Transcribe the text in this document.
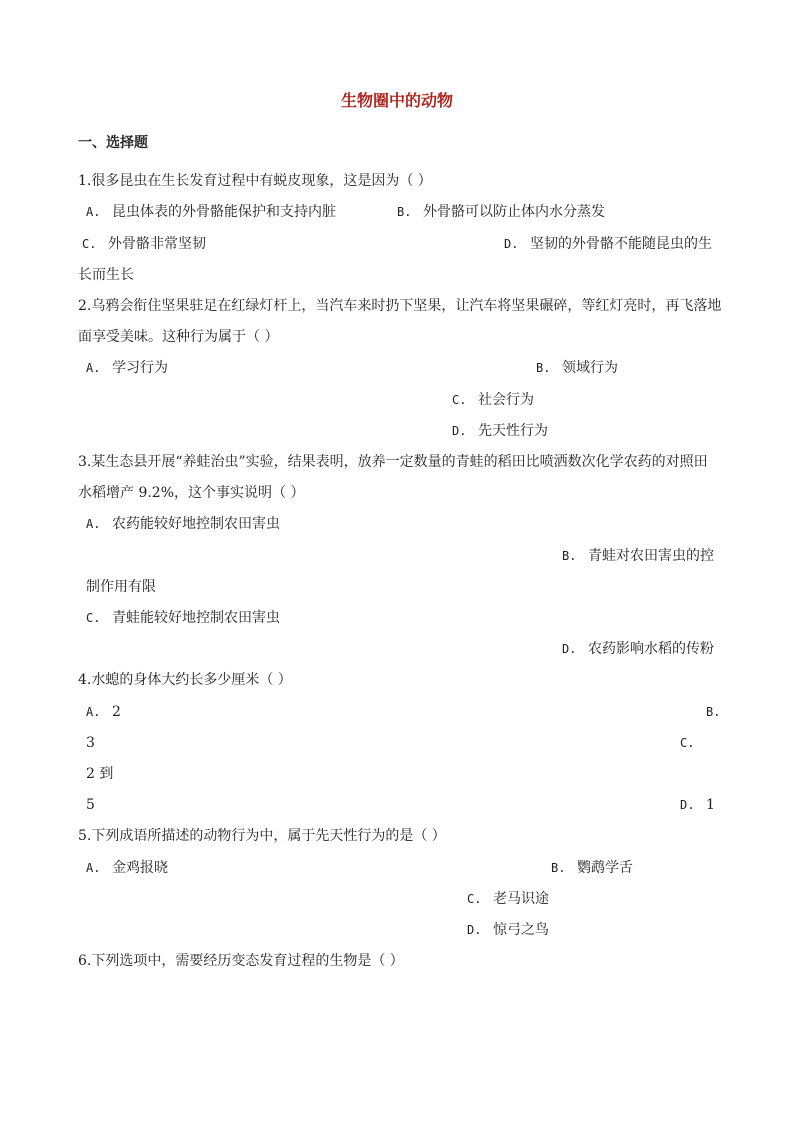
生物圈中的动物
一、选择题
1.很多昆虫在生长发育过程中有蜕皮现象，这是因为（ ）
A. 昆虫体表的外骨骼能保护和支持内脏	B. 外骨骼可以防止体内水分蒸发
C. 外骨骼非常坚韧	D. 坚韧的外骨骼不能随昆虫的生
长而生长
2.乌鸦会衔住坚果驻足在红绿灯杆上，当汽车来时扔下坚果，让汽车将坚果碾碎，等红灯亮时，再飞落地
面享受美味。这种行为属于（ ）
A. 学习行为	B. 领域行为
C. 社会行为
D. 先天性行为
3.某生态县开展“养蛙治虫”实验，结果表明，放养一定数量的青蛙的稻田比喷洒数次化学农药的对照田
水稻增产 9.2%，这个事实说明（ ）
A. 农药能较好地控制农田害虫
B. 青蛙对农田害虫的控
制作用有限
C. 青蛙能较好地控制农田害虫
D. 农药影响水稻的传粉
4.水螅的身体大约长多少厘米（ ）
A. 2	B.
3	C.
2 到
5	D. 1
5.下列成语所描述的动物行为中，属于先天性行为的是（ ）
A. 金鸡报晓	B. 鹦鹉学舌
C. 老马识途
D. 惊弓之鸟
6.下列选项中，需要经历变态发育过程的生物是（ ）
